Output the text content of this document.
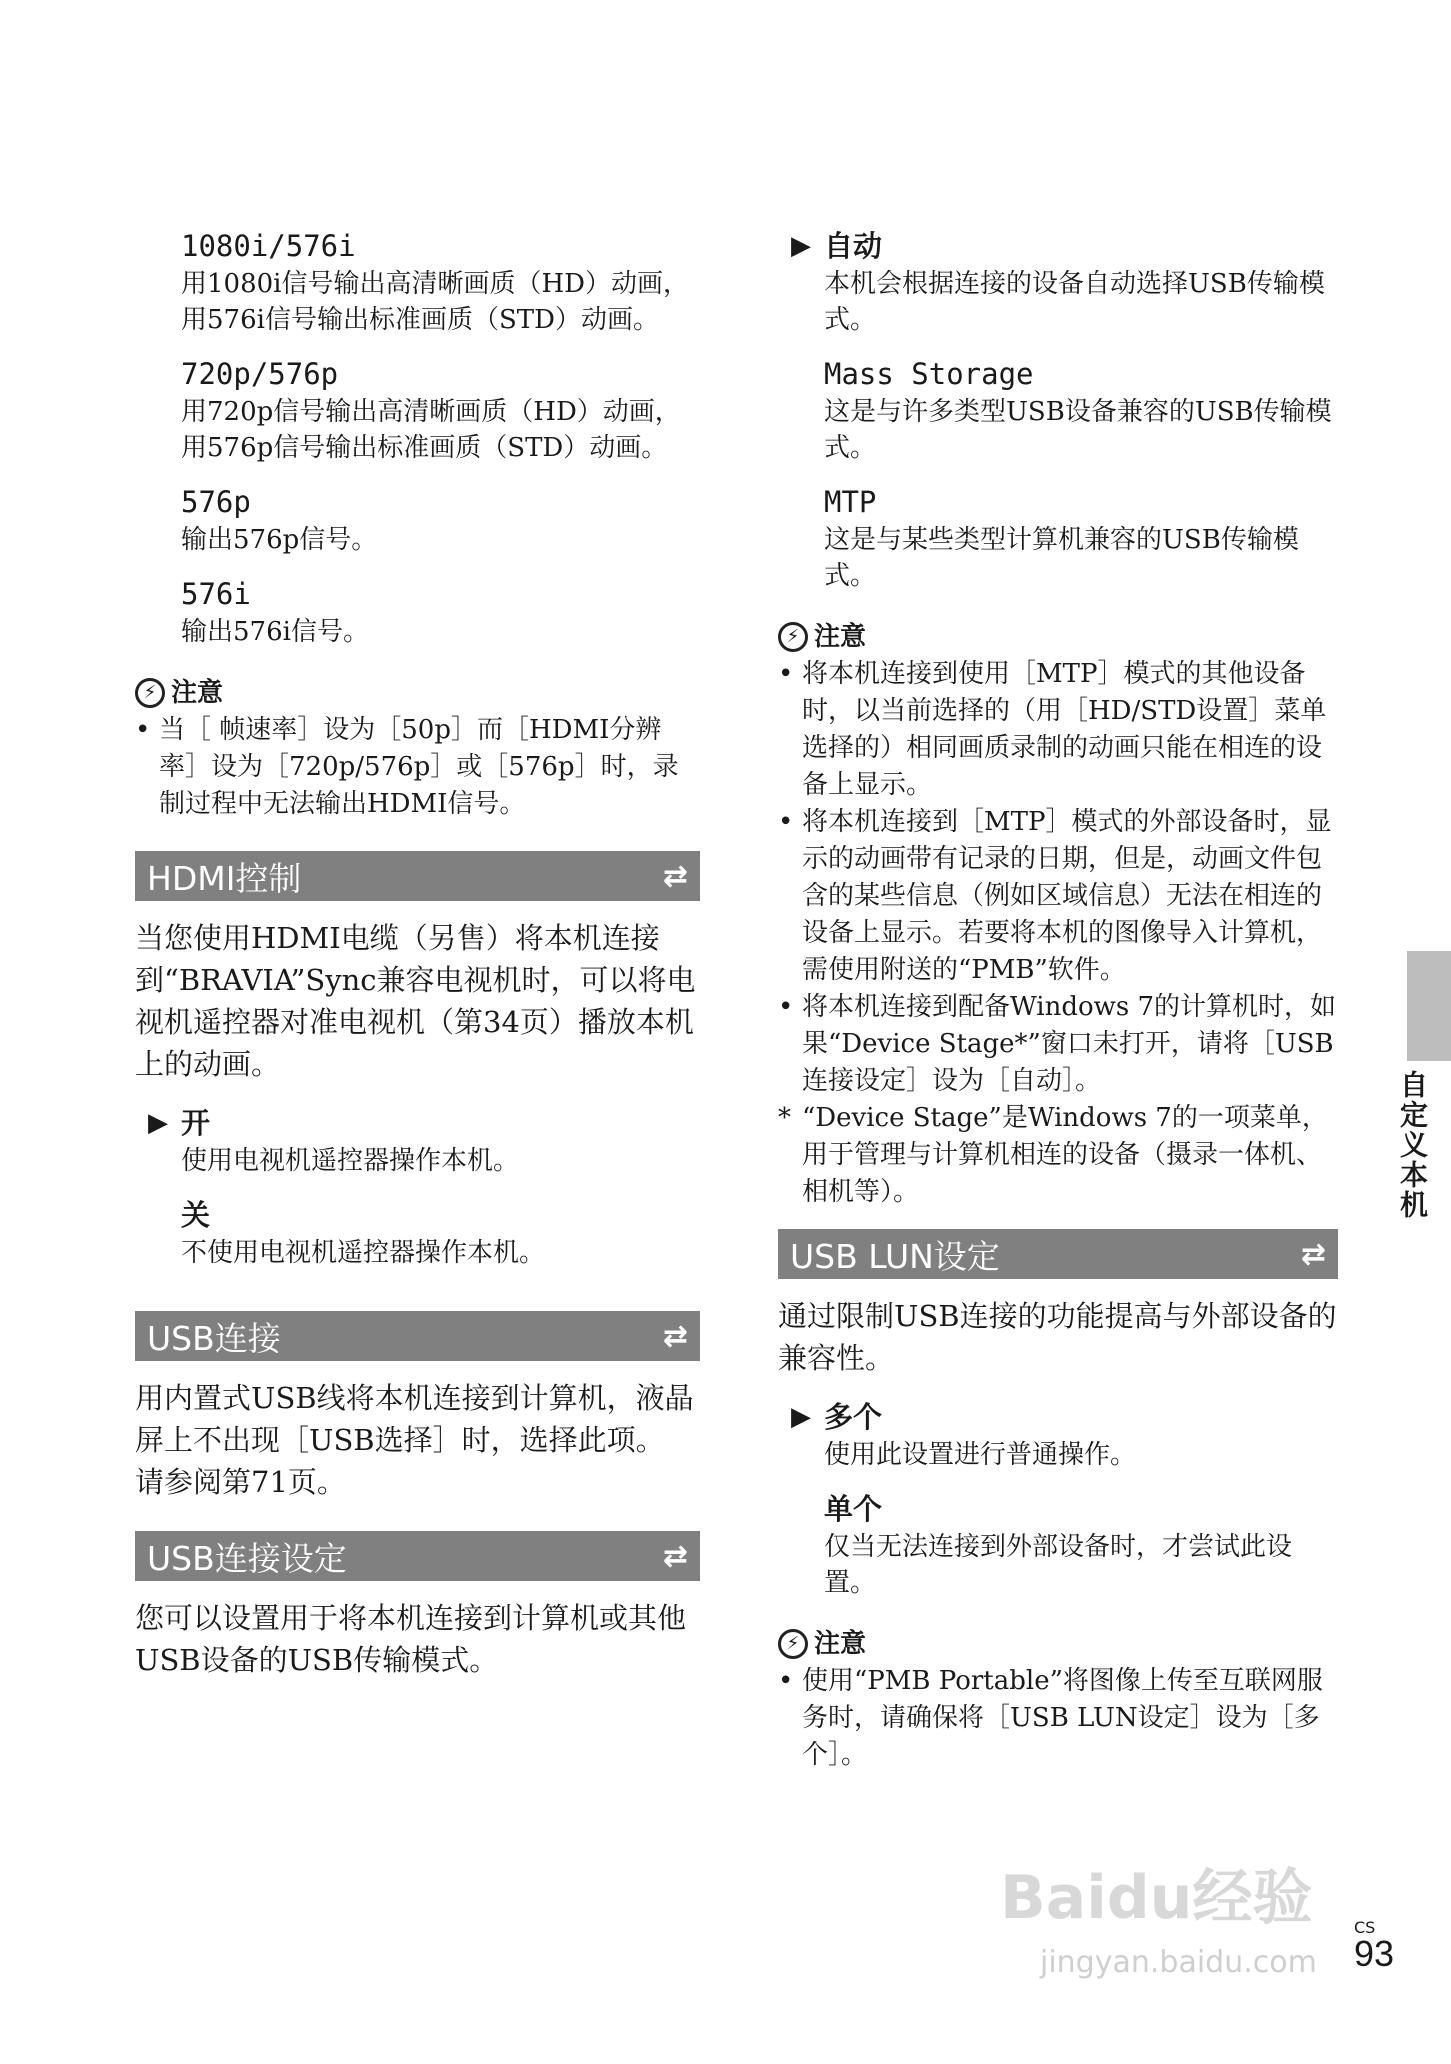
1080i/576i
用1080i信号输出高清晰画质（HD）动画，用576i信号输出标准画质（STD）动画。
720p/576p
用720p信号输出高清晰画质（HD）动画，用576p信号输出标准画质（STD）动画。
576p
输出576p信号。
576i
输出576i信号。
⚡ 注意
• 当［ 帧速率］设为［50p］而［HDMI分辨率］设为［720p/576p］或［576p］时，录制过程中无法输出HDMI信号。
HDMI控制	⇄
当您使用HDMI电缆（另售）将本机连接到“BRAVIA”Sync兼容电视机时，可以将电视机遥控器对准电视机（第34页）播放本机上的动画。
▶ 开
使用电视机遥控器操作本机。
关
不使用电视机遥控器操作本机。
USB连接	⇄
用内置式USB线将本机连接到计算机，液晶屏上不出现［USB选择］时，选择此项。
请参阅第71页。
USB连接设定	⇄
您可以设置用于将本机连接到计算机或其他USB设备的USB传输模式。
▶ 自动
本机会根据连接的设备自动选择USB传输模式。
Mass Storage
这是与许多类型USB设备兼容的USB传输模式。
MTP
这是与某些类型计算机兼容的USB传输模式。
⚡ 注意
• 将本机连接到使用［MTP］模式的其他设备时，以当前选择的（用［HD/STD设置］菜单选择的）相同画质录制的动画只能在相连的设备上显示。
• 将本机连接到［MTP］模式的外部设备时，显示的动画带有记录的日期，但是，动画文件包含的某些信息（例如区域信息）无法在相连的设备上显示。若要将本机的图像导入计算机，需使用附送的“PMB”软件。
• 将本机连接到配备Windows 7的计算机时，如果“Device Stage*”窗口未打开，请将［USB连接设定］设为［自动］。
* “Device Stage”是Windows 7的一项菜单，用于管理与计算机相连的设备（摄录一体机、相机等）。
USB LUN设定	⇄
通过限制USB连接的功能提高与外部设备的兼容性。
▶ 多个
使用此设置进行普通操作。
单个
仅当无法连接到外部设备时，才尝试此设置。
⚡ 注意
• 使用“PMB Portable”将图像上传至互联网服务时，请确保将［USB LUN设定］设为［多个］。
自定义本机
Baidu经验
jingyan.baidu.com
CS
93
